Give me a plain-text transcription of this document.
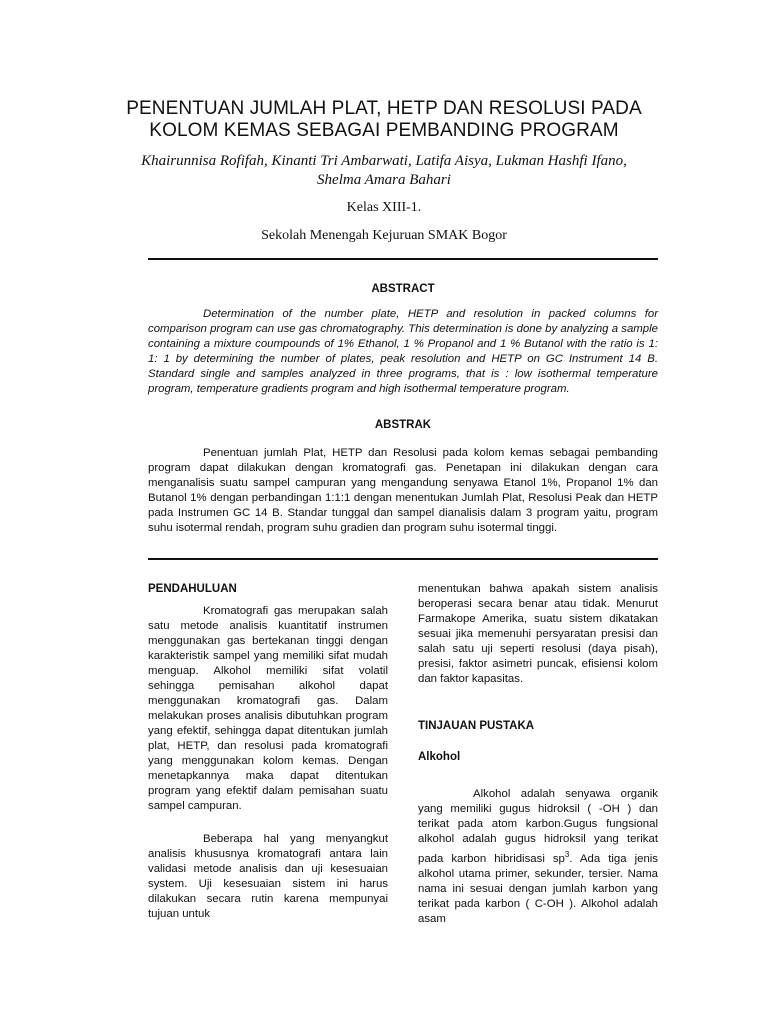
PENENTUAN JUMLAH PLAT, HETP DAN RESOLUSI PADA
KOLOM KEMAS SEBAGAI PEMBANDING PROGRAM
Khairunnisa Rofifah, Kinanti Tri Ambarwati, Latifa Aisya, Lukman Hashfi Ifano,
Shelma Amara Bahari
Kelas XIII-1.
Sekolah Menengah Kejuruan SMAK Bogor
ABSTRACT
Determination of the number plate, HETP and resolution in packed columns for comparison program can use gas chromatography. This determination is done by analyzing a sample containing a mixture coumpounds of 1% Ethanol, 1 % Propanol and 1 % Butanol with the ratio is 1: 1: 1 by determining the number of plates, peak resolution and HETP on GC Instrument 14 B. Standard single and samples analyzed in three programs, that is : low isothermal temperature program, temperature gradients program and high isothermal temperature program.
ABSTRAK
Penentuan jumlah Plat, HETP dan Resolusi pada kolom kemas sebagai pembanding program dapat dilakukan dengan kromatografi gas. Penetapan ini dilakukan dengan cara menganalisis suatu sampel campuran yang mengandung senyawa Etanol 1%, Propanol 1% dan Butanol 1% dengan perbandingan 1:1:1 dengan menentukan Jumlah Plat, Resolusi Peak dan HETP pada Instrumen GC 14 B. Standar tunggal dan sampel dianalisis dalam 3 program yaitu, program suhu isotermal rendah, program suhu gradien dan program suhu isotermal tinggi.
PENDAHULUAN

Kromatografi gas merupakan salah satu metode analisis kuantitatif instrumen menggunakan gas bertekanan tinggi dengan karakteristik sampel yang memiliki sifat mudah menguap. Alkohol memiliki sifat volatil sehingga pemisahan alkohol dapat menggunakan kromatografi gas. Dalam melakukan proses analisis dibutuhkan program yang efektif, sehingga dapat ditentukan jumlah plat, HETP, dan resolusi pada kromatografi yang menggunakan kolom kemas. Dengan menetapkannya maka dapat ditentukan program yang efektif dalam pemisahan suatu sampel campuran.

Beberapa hal yang menyangkut analisis khususnya kromatografi antara lain validasi metode analisis dan uji kesesuaian system. Uji kesesuaian sistem ini harus dilakukan secara rutin karena mempunyai tujuan untuk

menentukan bahwa apakah sistem analisis beroperasi secara benar atau tidak. Menurut Farmakope Amerika, suatu sistem dikatakan sesuai jika memenuhi persyaratan presisi dan salah satu uji seperti resolusi (daya pisah), presisi, faktor asimetri puncak, efisiensi kolom dan faktor kapasitas.

TINJAUAN PUSTAKA
Alkohol

Alkohol adalah senyawa organik yang memiliki gugus hidroksil ( -OH ) dan terikat pada atom karbon.Gugus fungsional alkohol adalah gugus hidroksil yang terikat pada karbon hibridisasi $sp^3$. Ada tiga jenis alkohol utama primer, sekunder, tersier. Nama nama ini sesuai dengan jumlah karbon yang terikat pada karbon ( C-OH ). Alkohol adalah asam
